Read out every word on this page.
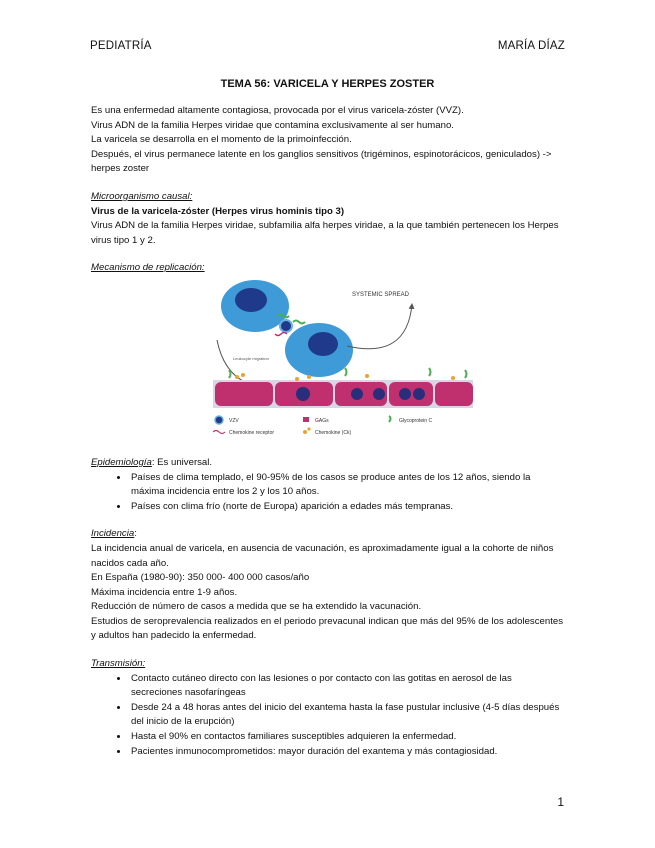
PEDIATRÍA	MARÍA DÍAZ
TEMA 56: VARICELA Y HERPES ZOSTER

Es una enfermedad altamente contagiosa, provocada por el virus varicela-zóster (VVZ).

Virus ADN de la familia Herpes viridae que contamina exclusivamente al ser humano.

La varicela se desarrolla en el momento de la primoinfección.

Después, el virus permanece latente en los ganglios sensitivos (trigéminos, espinotorácicos, geniculados) -> herpes zoster

Microorganismo causal:

Virus de la varicela-zóster (Herpes virus hominis tipo 3)

Virus ADN de la familia Herpes viridae, subfamilia alfa herpes viridae, a la que también pertenecen los Herpes virus tipo 1 y 2.

Mecanismo de replicación:

Leukocyte migration
SYSTEMIC SPREAD
VZV	GAGs	Glycoprotein C
Chemokine receptor	Chemokine (Ck)

Epidemiología: Es universal.

• Países de clima templado, el 90-95% de los casos se produce antes de los 12 años, siendo la máxima incidencia entre los 2 y los 10 años.
• Países con clima frío (norte de Europa) aparición a edades más tempranas.

Incidencia:

La incidencia anual de varicela, en ausencia de vacunación, es aproximadamente igual a la cohorte de niños nacidos cada año.

En España (1980-90): 350 000- 400 000 casos/año

Máxima incidencia entre 1-9 años.

Reducción de número de casos a medida que se ha extendido la vacunación.

Estudios de seroprevalencia realizados en el periodo prevacunal indican que más del 95% de los adolescentes y adultos han padecido la enfermedad.

Transmisión:

• Contacto cutáneo directo con las lesiones o por contacto con las gotitas en aerosol de las secreciones nasofaríngeas
• Desde 24 a 48 horas antes del inicio del exantema hasta la fase pustular inclusive (4-5 días después del inicio de la erupción)
• Hasta el 90% en contactos familiares susceptibles adquieren la enfermedad.
• Pacientes inmunocomprometidos: mayor duración del exantema y más contagiosidad.
1
